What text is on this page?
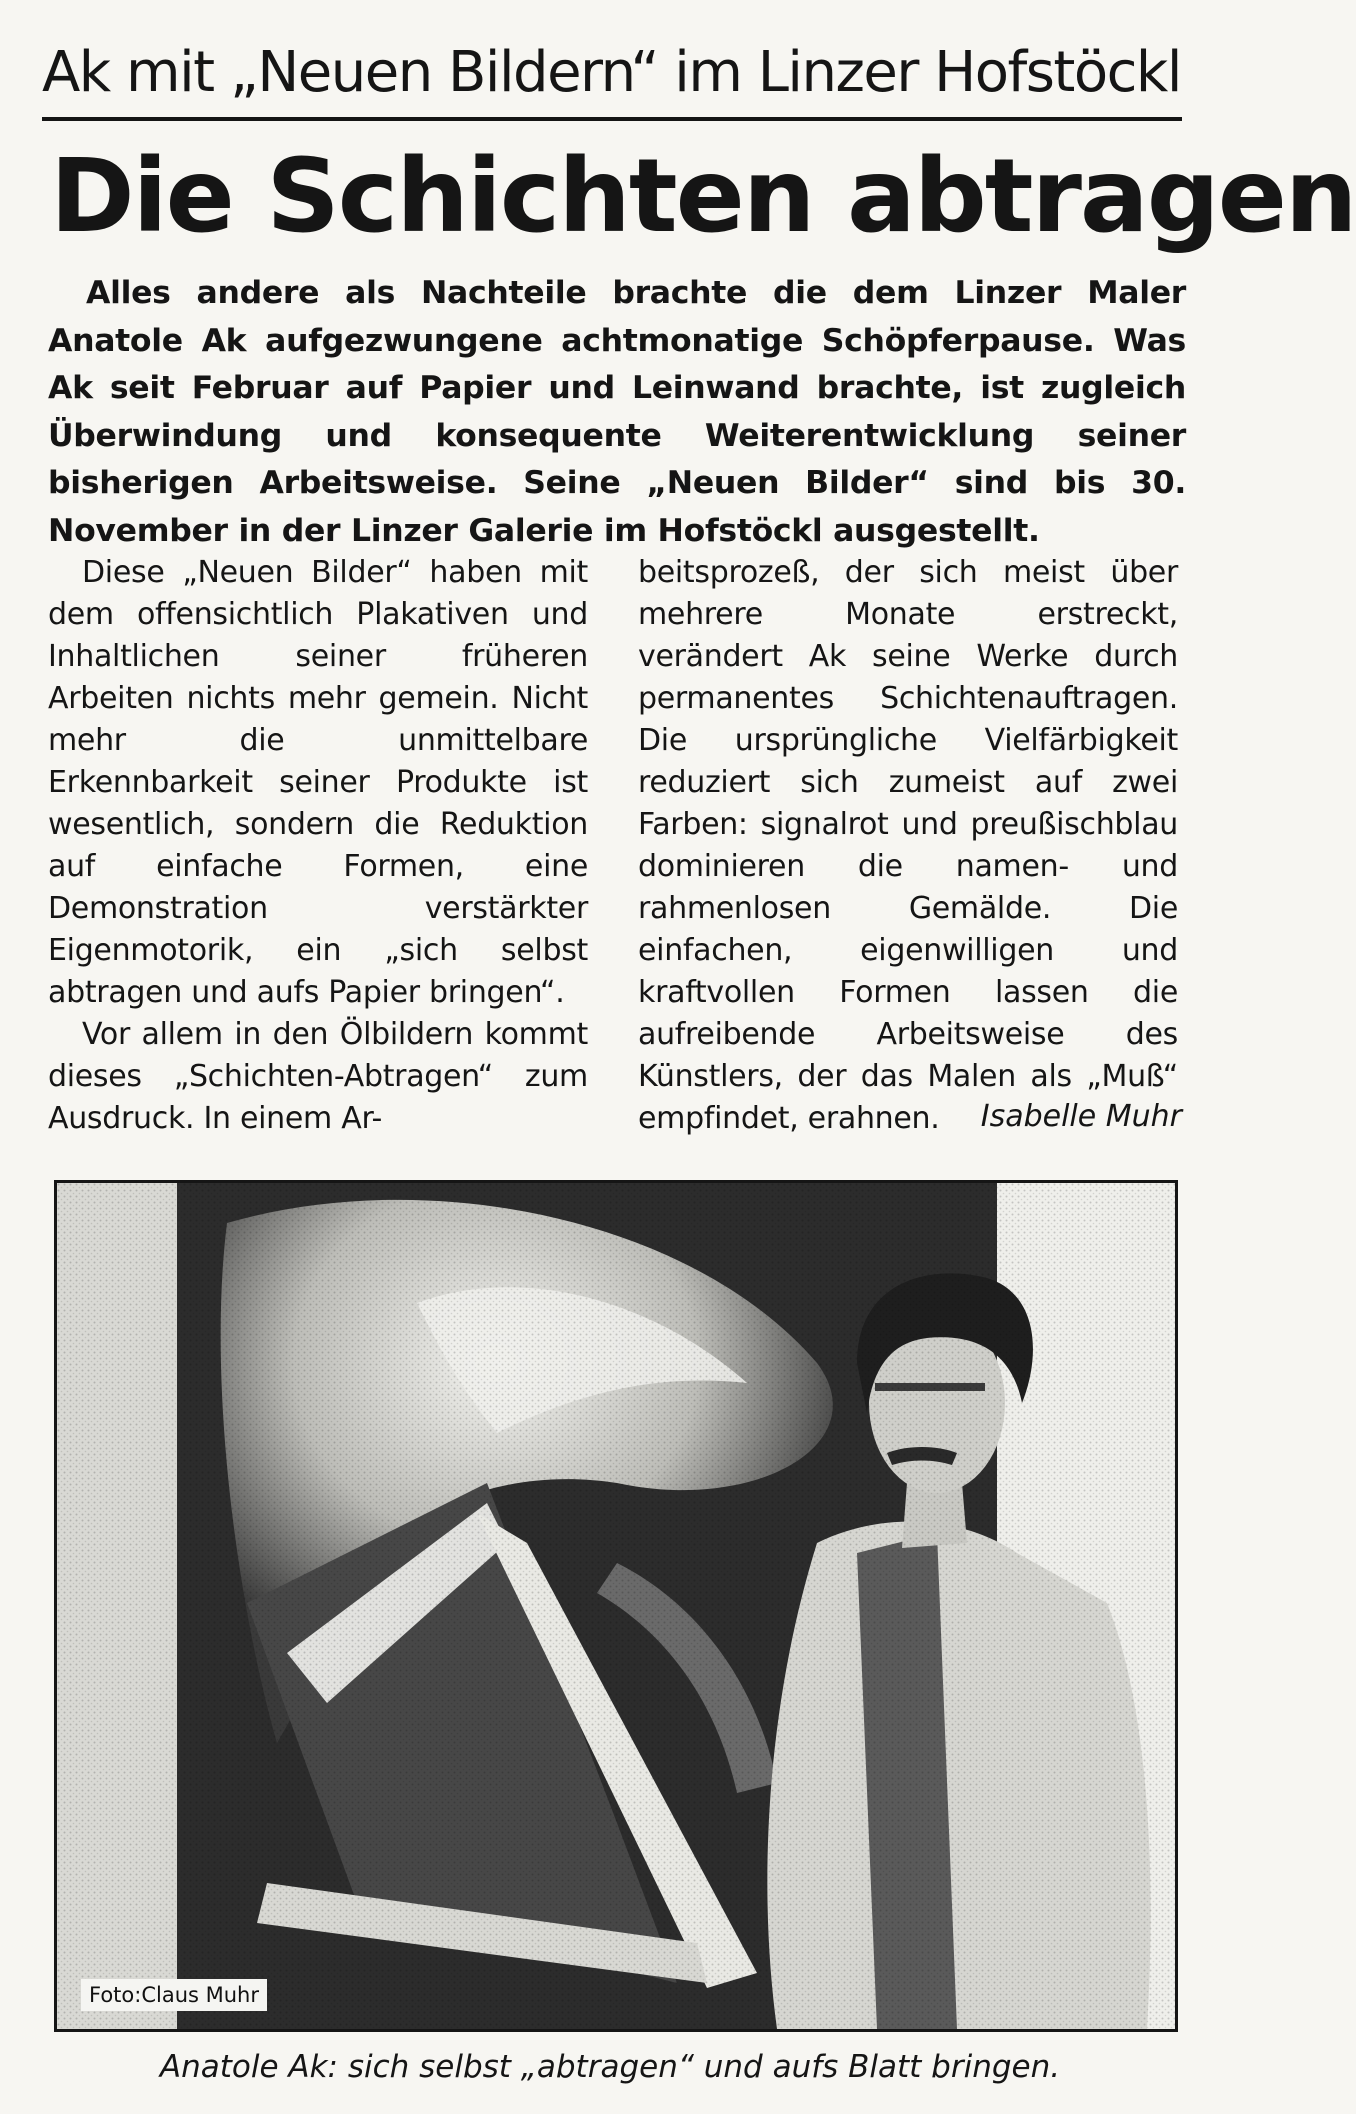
Ak mit „Neuen Bildern“ im Linzer Hofstöckl
Die Schichten abtragen
Alles andere als Nachteile brachte die dem Linzer Maler Anatole Ak aufgezwungene achtmonatige Schöpferpause. Was Ak seit Februar auf Papier und Leinwand brachte, ist zugleich Überwindung und konsequente Weiterentwicklung seiner bisherigen Arbeitsweise. Seine „Neuen Bilder“ sind bis 30. November in der Linzer Galerie im Hofstöckl ausgestellt.

Diese „Neuen Bilder“ haben mit dem offensichtlich Plakativen und Inhaltlichen seiner früheren Arbeiten nichts mehr gemein. Nicht mehr die unmittelbare Erkennbarkeit seiner Produkte ist wesentlich, sondern die Reduktion auf einfache Formen, eine Demonstration verstärkter Eigenmotorik, ein „sich selbst abtragen und aufs Papier bringen“.

Vor allem in den Ölbildern kommt dieses „Schichten-Abtragen“ zum Ausdruck. In einem Ar-

beitsprozeß, der sich meist über mehrere Monate erstreckt, verändert Ak seine Werke durch permanentes Schichtenauftragen. Die ursprüngliche Vielfärbigkeit reduziert sich zumeist auf zwei Farben: signalrot und preußischblau dominieren die namen- und rahmenlosen Gemälde. Die einfachen, eigenwilligen und kraftvollen Formen lassen die aufreibende Arbeitsweise des Künstlers, der das Malen als „Muß“ empfindet, erahnen.	Isabelle Muhr
Foto:Claus Muhr
Anatole Ak: sich selbst „abtragen“ und aufs Blatt bringen.
